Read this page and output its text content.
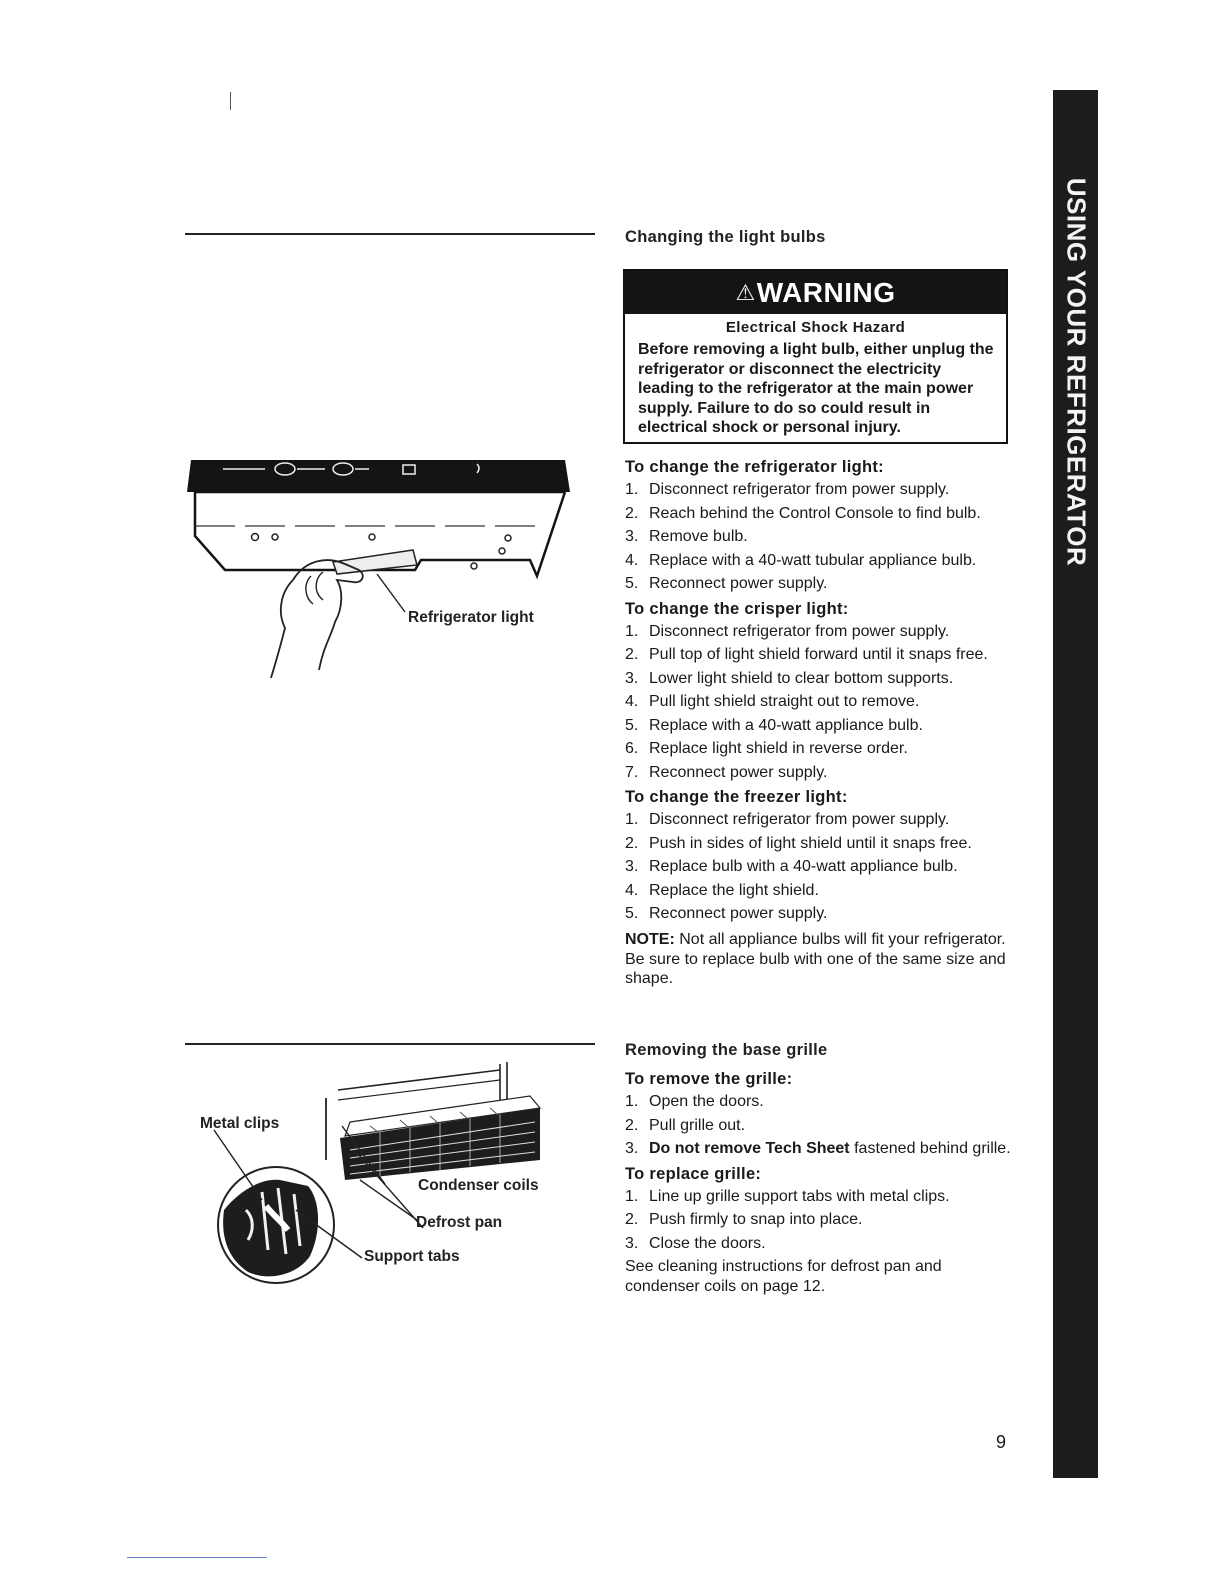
USING YOUR REFRIGERATOR
Changing the light bulbs
⚠WARNING
Electrical Shock Hazard
Before removing a light bulb, either unplug the refrigerator or disconnect the electricity leading to the refrigerator at the main power supply. Failure to do so could result in electrical shock or personal injury.
To change the refrigerator light:
1. Disconnect refrigerator from power supply.
2. Reach behind the Control Console to find bulb.
3. Remove bulb.
4. Replace with a 40-watt tubular appliance bulb.
5. Reconnect power supply.
To change the crisper light:
1. Disconnect refrigerator from power supply.
2. Pull top of light shield forward until it snaps free.
3. Lower light shield to clear bottom supports.
4. Pull light shield straight out to remove.
5. Replace with a 40-watt appliance bulb.
6. Replace light shield in reverse order.
7. Reconnect power supply.
To change the freezer light:
1. Disconnect refrigerator from power supply.
2. Push in sides of light shield until it snaps free.
3. Replace bulb with a 40-watt appliance bulb.
4. Replace the light shield.
5. Reconnect power supply.
NOTE: Not all appliance bulbs will fit your refrigerator. Be sure to replace bulb with one of the same size and shape.
Removing the base grille
To remove the grille:
1. Open the doors.
2. Pull grille out.
3. Do not remove Tech Sheet fastened behind grille.
To replace grille:
1. Line up grille support tabs with metal clips.
2. Push firmly to snap into place.
3. Close the doors.
See cleaning instructions for defrost pan and condenser coils on page 12.
Refrigerator light
Metal clips
Condenser coils
Defrost pan
Support tabs
9
